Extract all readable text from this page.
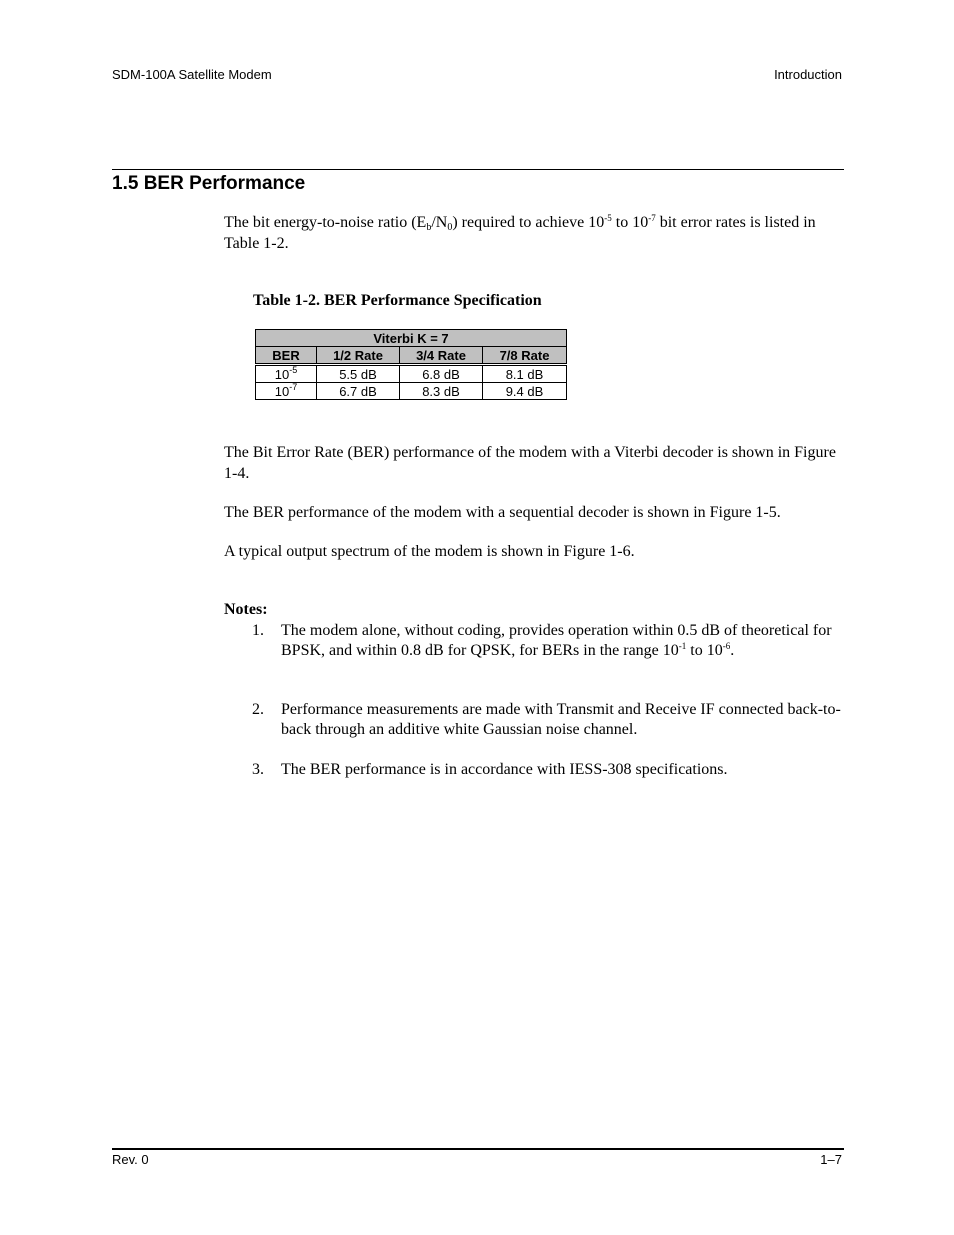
SDM-100A Satellite Modem	Introduction
1.5 BER Performance
The bit energy-to-noise ratio $(E_b/N_0)$ required to achieve $10^{-5}$ to $10^{-7}$ bit error rates is listed in Table 1-2.
Table 1-2. BER Performance Specification
Viterbi K = 7			
BER	1/2 Rate	3/4 Rate	7/8 Rate

$10^{-5}$	5.5 dB	6.8 dB	8.1 dB
$10^{-7}$	6.7 dB	8.3 dB	9.4 dB
The Bit Error Rate (BER) performance of the modem with a Viterbi decoder is shown in Figure 1-4.
The BER performance of the modem with a sequential decoder is shown in Figure 1-5.
A typical output spectrum of the modem is shown in Figure 1-6.
Notes:
1. The modem alone, without coding, provides operation within 0.5 dB of theoretical for BPSK, and within 0.8 dB for QPSK, for BERs in the range $10^{-1}$ to $10^{-6}$.
2. Performance measurements are made with Transmit and Receive IF connected back-to-back through an additive white Gaussian noise channel.
3. The BER performance is in accordance with IESS-308 specifications.
Rev. 0	1–7
